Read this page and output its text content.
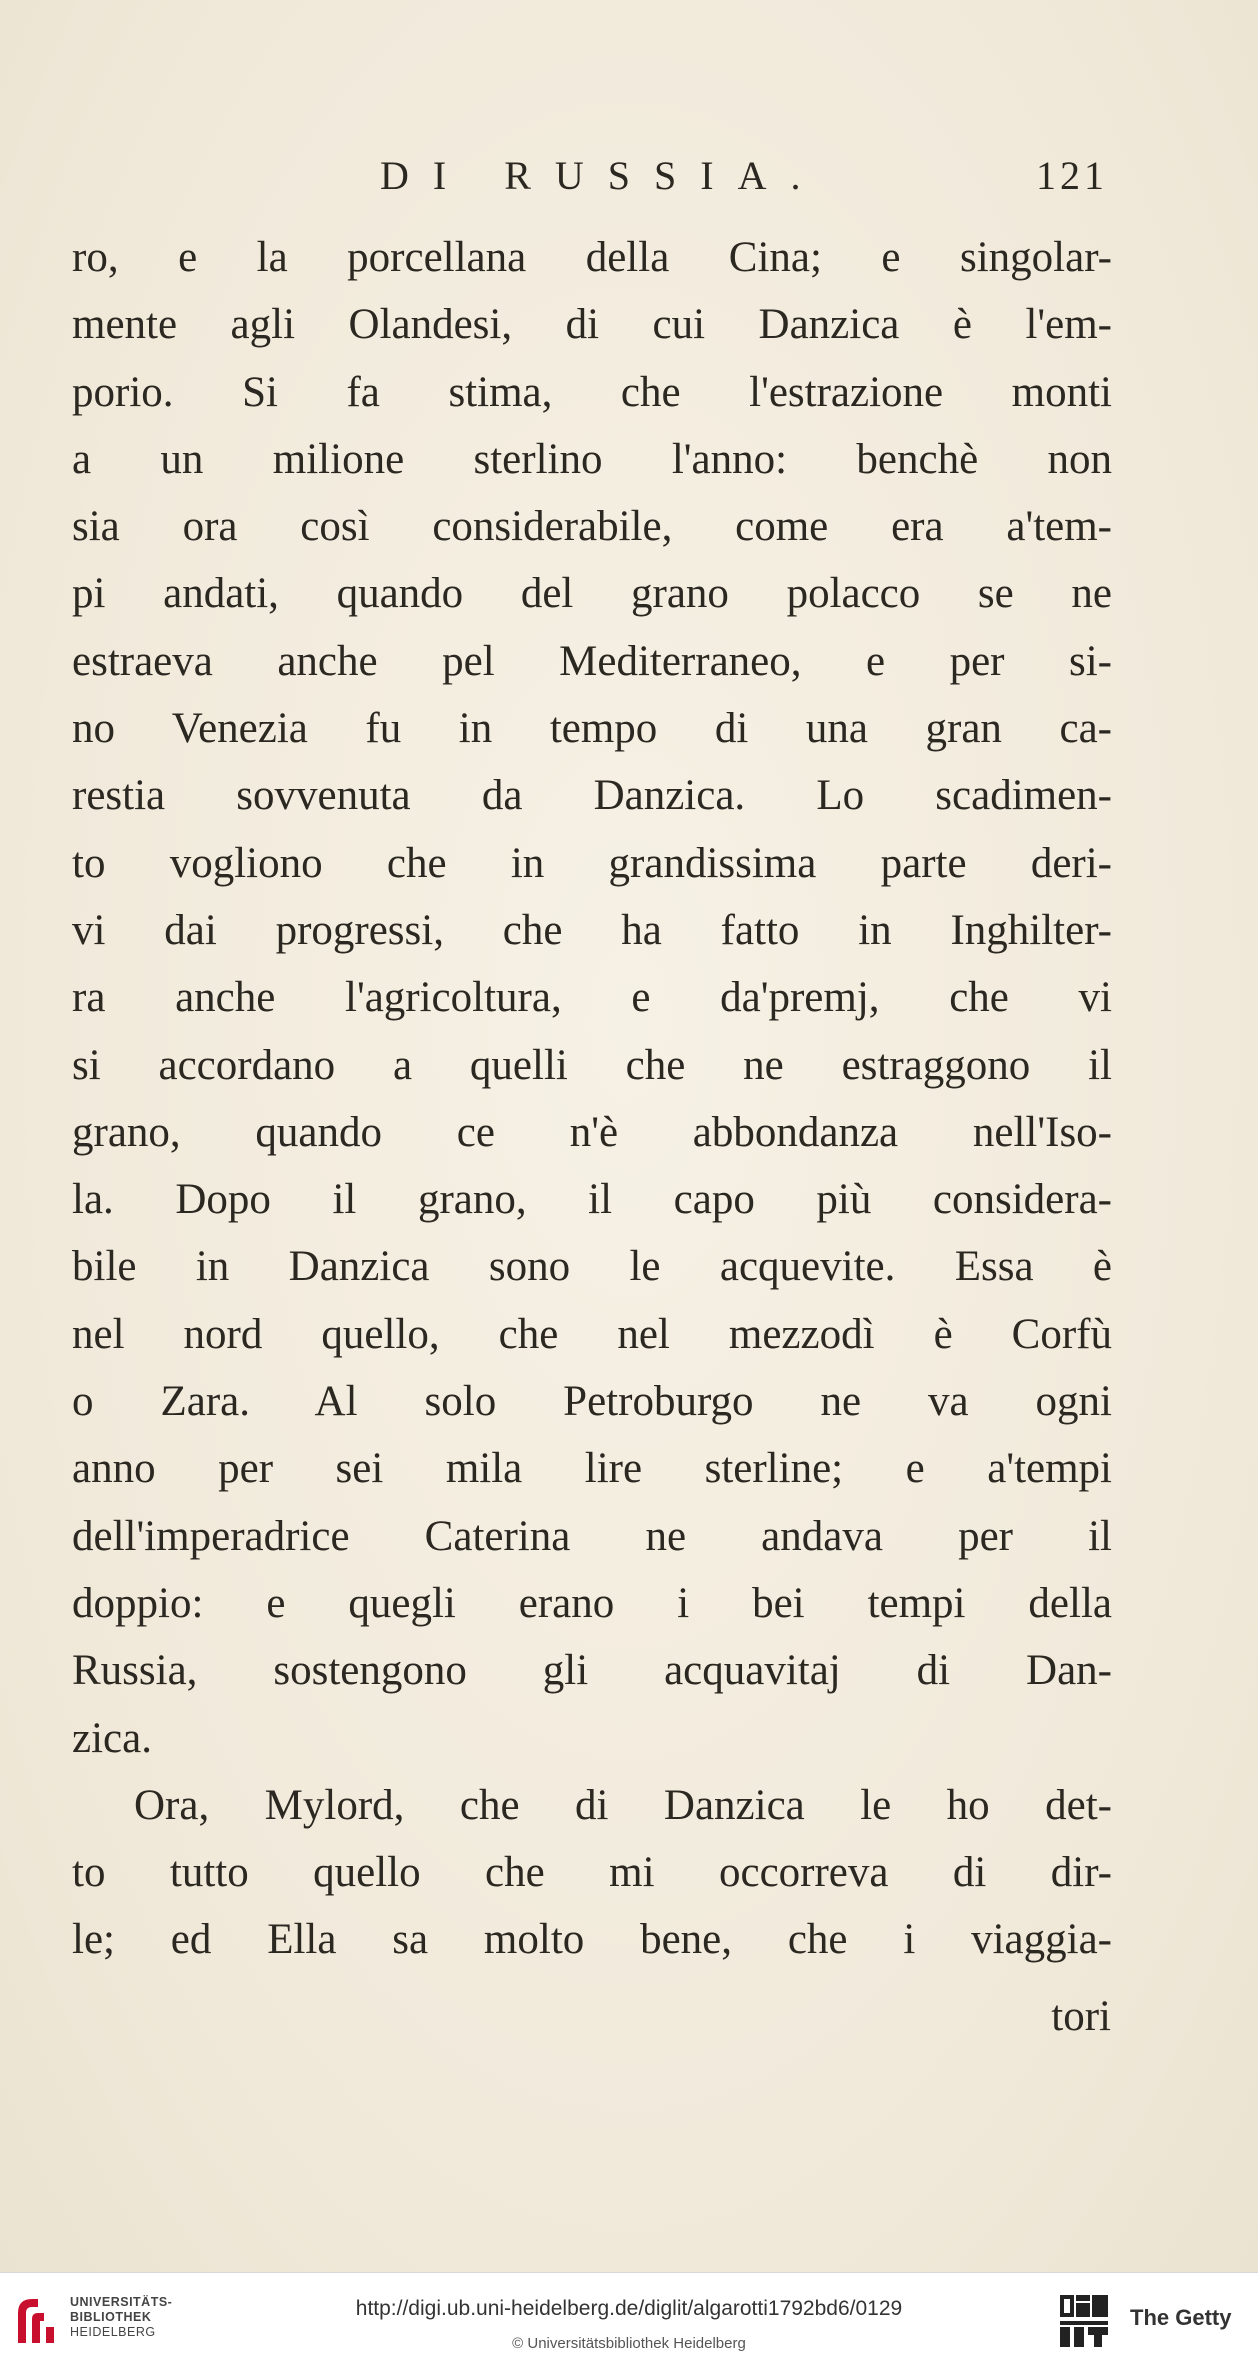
DI RUSSIA.	121
ro, e la porcellana della Cina; e singolar-
mente agli Olandesi, di cui Danzica è l'em-
porio. Si fa stima, che l'estrazione monti
a un milione sterlino l'anno: benchè non
sia ora così considerabile, come era a'tem-
pi andati, quando del grano polacco se ne
estraeva anche pel Mediterraneo, e per si-
no Venezia fu in tempo di una gran ca-
restia sovvenuta da Danzica. Lo scadimen-
to vogliono che in grandissima parte deri-
vi dai progressi, che ha fatto in Inghilter-
ra anche l'agricoltura, e da'premj, che vi
si accordano a quelli che ne estraggono il
grano, quando ce n'è abbondanza nell'Iso-
la. Dopo il grano, il capo più considera-
bile in Danzica sono le acquevite. Essa è
nel nord quello, che nel mezzodì è Corfù
o Zara. Al solo Petroburgo ne va ogni
anno per sei mila lire sterline; e a'tempi
dell'imperadrice Caterina ne andava per il
doppio: e quegli erano i bei tempi della
Russia, sostengono gli acquavitaj di Dan-
zica.
Ora, Mylord, che di Danzica le ho det-
to tutto quello che mi occorreva di dir-
le; ed Ella sa molto bene, che i viaggia-
tori
UNIVERSITÄTS-
BIBLIOTHEK
HEIDELBERG
http://digi.ub.uni-heidelberg.de/diglit/algarotti1792bd6/0129
© Universitätsbibliothek Heidelberg
The Getty
